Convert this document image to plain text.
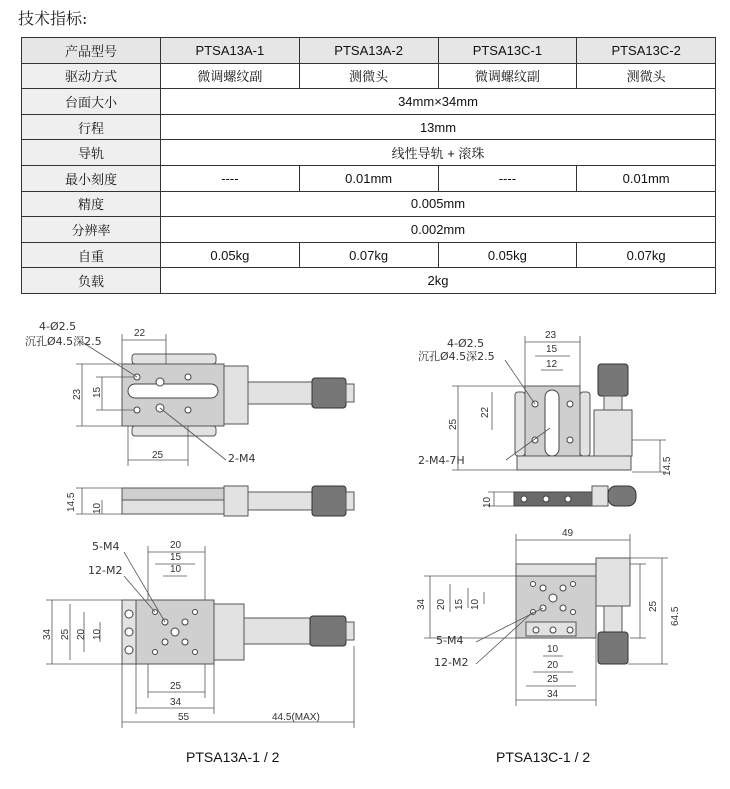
技术指标:
产品型号	PTSA13A-1	PTSA13A-2	PTSA13C-1	PTSA13C-2
驱动方式	微调螺纹副	测微头	微调螺纹副	测微头
台面大小	34mm×34mm			
行程	13mm			
导轨	线性导轨 + 滚珠			
最小刻度	----	0.01mm	----	0.01mm
精度	0.005mm			
分辨率	0.002mm			
自重	0.05kg	0.07kg	0.05kg	0.07kg
负载	2kg			
4-Ø2.5
沉孔Ø4.5深2.5
22
23 15
25	2-M4
14.5 10
20
15
10
5-M4
12-M2
34 25 20 10
25
34
55	44.5(MAX)
PTSA13A-1 / 2
23
15
4-Ø2.5
沉孔Ø4.5深2.5
12
22
25
2-M4-7H	14.5
10
49
34 20 15 10	25
64.5
5-M4
12-M2
10
20
25
34
PTSA13C-1 / 2
